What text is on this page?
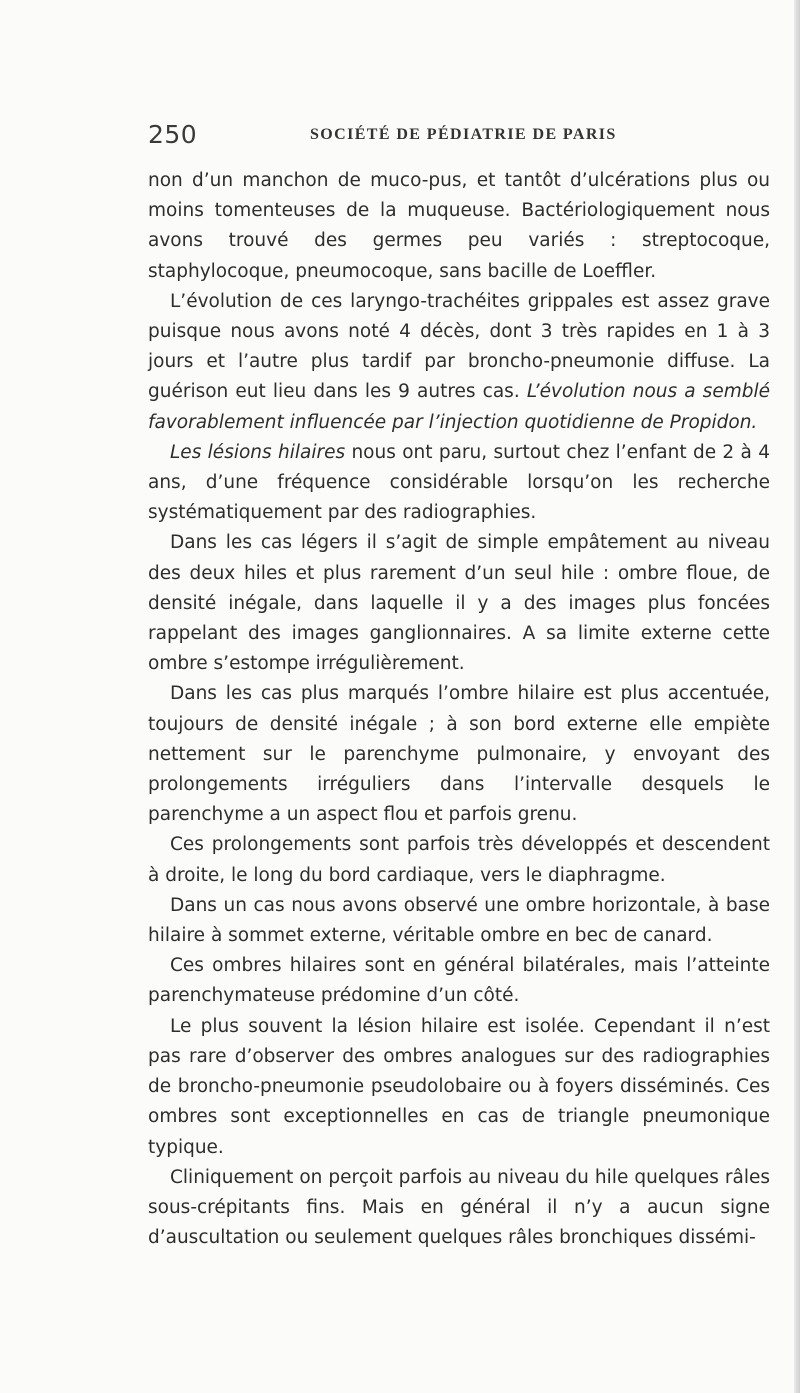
250	SOCIÉTÉ DE PÉDIATRIE DE PARIS

non d’un manchon de muco-pus, et tantôt d’ulcérations plus ou moins tomenteuses de la muqueuse. Bactériologiquement nous avons trouvé des germes peu variés : streptocoque, staphylocoque, pneumocoque, sans bacille de Loeffler.

L’évolution de ces laryngo-trachéites grippales est assez grave puisque nous avons noté 4 décès, dont 3 très rapides en 1 à 3 jours et l’autre plus tardif par broncho-pneumonie diffuse. La guérison eut lieu dans les 9 autres cas. L’évolution nous a semblé favorablement influencée par l’injection quotidienne de Propidon.

Les lésions hilaires nous ont paru, surtout chez l’enfant de 2 à 4 ans, d’une fréquence considérable lorsqu’on les recherche systématiquement par des radiographies.

Dans les cas légers il s’agit de simple empâtement au niveau des deux hiles et plus rarement d’un seul hile : ombre floue, de densité inégale, dans laquelle il y a des images plus foncées rappelant des images ganglionnaires. A sa limite externe cette ombre s’estompe irrégulièrement.

Dans les cas plus marqués l’ombre hilaire est plus accentuée, toujours de densité inégale ; à son bord externe elle empiète nettement sur le parenchyme pulmonaire, y envoyant des prolongements irréguliers dans l’intervalle desquels le parenchyme a un aspect flou et parfois grenu.

Ces prolongements sont parfois très développés et descendent à droite, le long du bord cardiaque, vers le diaphragme.

Dans un cas nous avons observé une ombre horizontale, à base hilaire à sommet externe, véritable ombre en bec de canard.

Ces ombres hilaires sont en général bilatérales, mais l’atteinte parenchymateuse prédomine d’un côté.

Le plus souvent la lésion hilaire est isolée. Cependant il n’est pas rare d’observer des ombres analogues sur des radiographies de broncho-pneumonie pseudolobaire ou à foyers disséminés. Ces ombres sont exceptionnelles en cas de triangle pneumonique typique.

Cliniquement on perçoit parfois au niveau du hile quelques râles sous-crépitants fins. Mais en général il n’y a aucun signe d’auscultation ou seulement quelques râles bronchiques dissémi-
